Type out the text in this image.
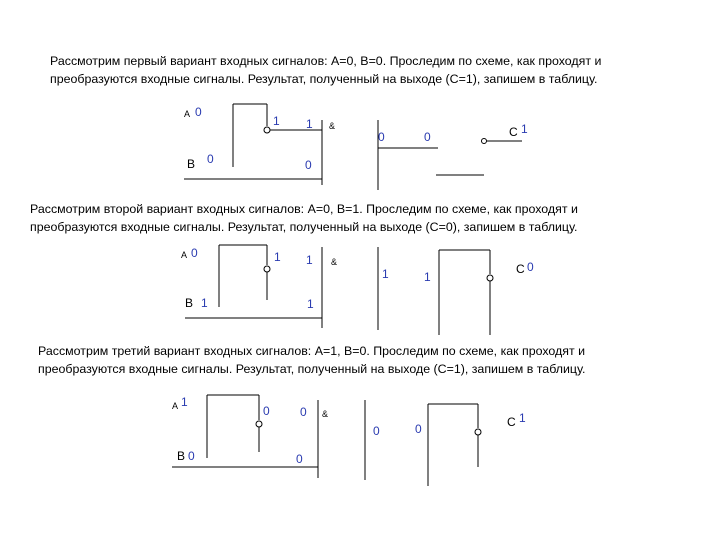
Рассмотрим первый вариант входных сигналов: А=0, В=0. Проследим по схеме, как проходят и
преобразуются входные сигналы. Результат, полученный на выходе (С=1), запишем в таблицу.
Рассмотрим второй вариант входных сигналов: А=0, В=1. Проследим по схеме, как проходят и
преобразуются входные сигналы. Результат, полученный на выходе (С=0), запишем в таблицу.
Рассмотрим третий вариант входных сигналов: А=1, В=0. Проследим по схеме, как проходят и
преобразуются входные сигналы. Результат, полученный на выходе (С=1), запишем в таблицу.
А 0
В 0
1 1
0
&
0	0	С 1
А 0
В 1
1 1
1
&
1	1
С 0
А 1
В 0
0	0
0
&
0	0	С 1
